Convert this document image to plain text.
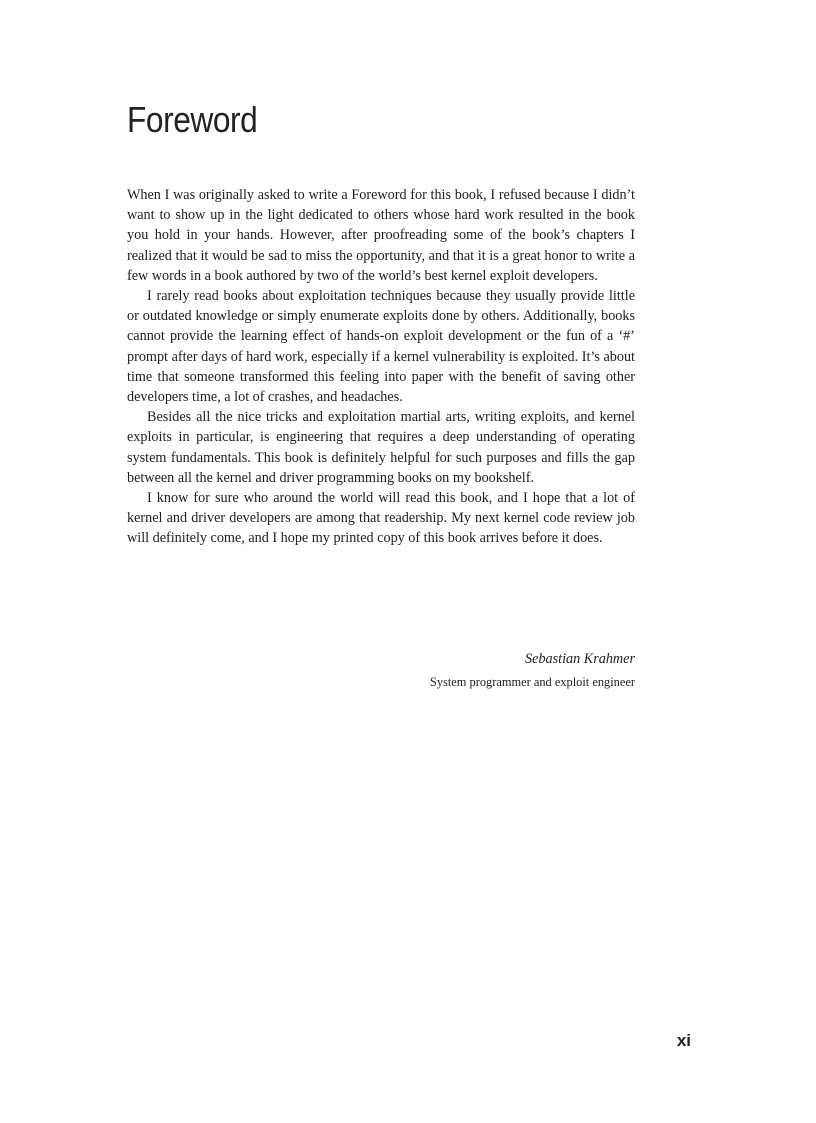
Foreword

When I was originally asked to write a Foreword for this book, I refused because I didn’t want to show up in the light dedicated to others whose hard work resulted in the book you hold in your hands. However, after proofreading some of the book’s chapters I realized that it would be sad to miss the opportunity, and that it is a great honor to write a few words in a book authored by two of the world’s best kernel exploit developers.

I rarely read books about exploitation techniques because they usually provide little or outdated knowledge or simply enumerate exploits done by others. Additionally, books cannot provide the learning effect of hands-on exploit development or the fun of a ‘#’ prompt after days of hard work, especially if a kernel vulnerability is exploited. It’s about time that someone transformed this feeling into paper with the benefit of saving other developers time, a lot of crashes, and headaches.

Besides all the nice tricks and exploitation martial arts, writing exploits, and kernel exploits in particular, is engineering that requires a deep understanding of operating system fundamentals. This book is definitely helpful for such purposes and fills the gap between all the kernel and driver programming books on my bookshelf.

I know for sure who around the world will read this book, and I hope that a lot of kernel and driver developers are among that readership. My next kernel code review job will definitely come, and I hope my printed copy of this book arrives before it does.

Sebastian Krahmer
System programmer and exploit engineer
xi
